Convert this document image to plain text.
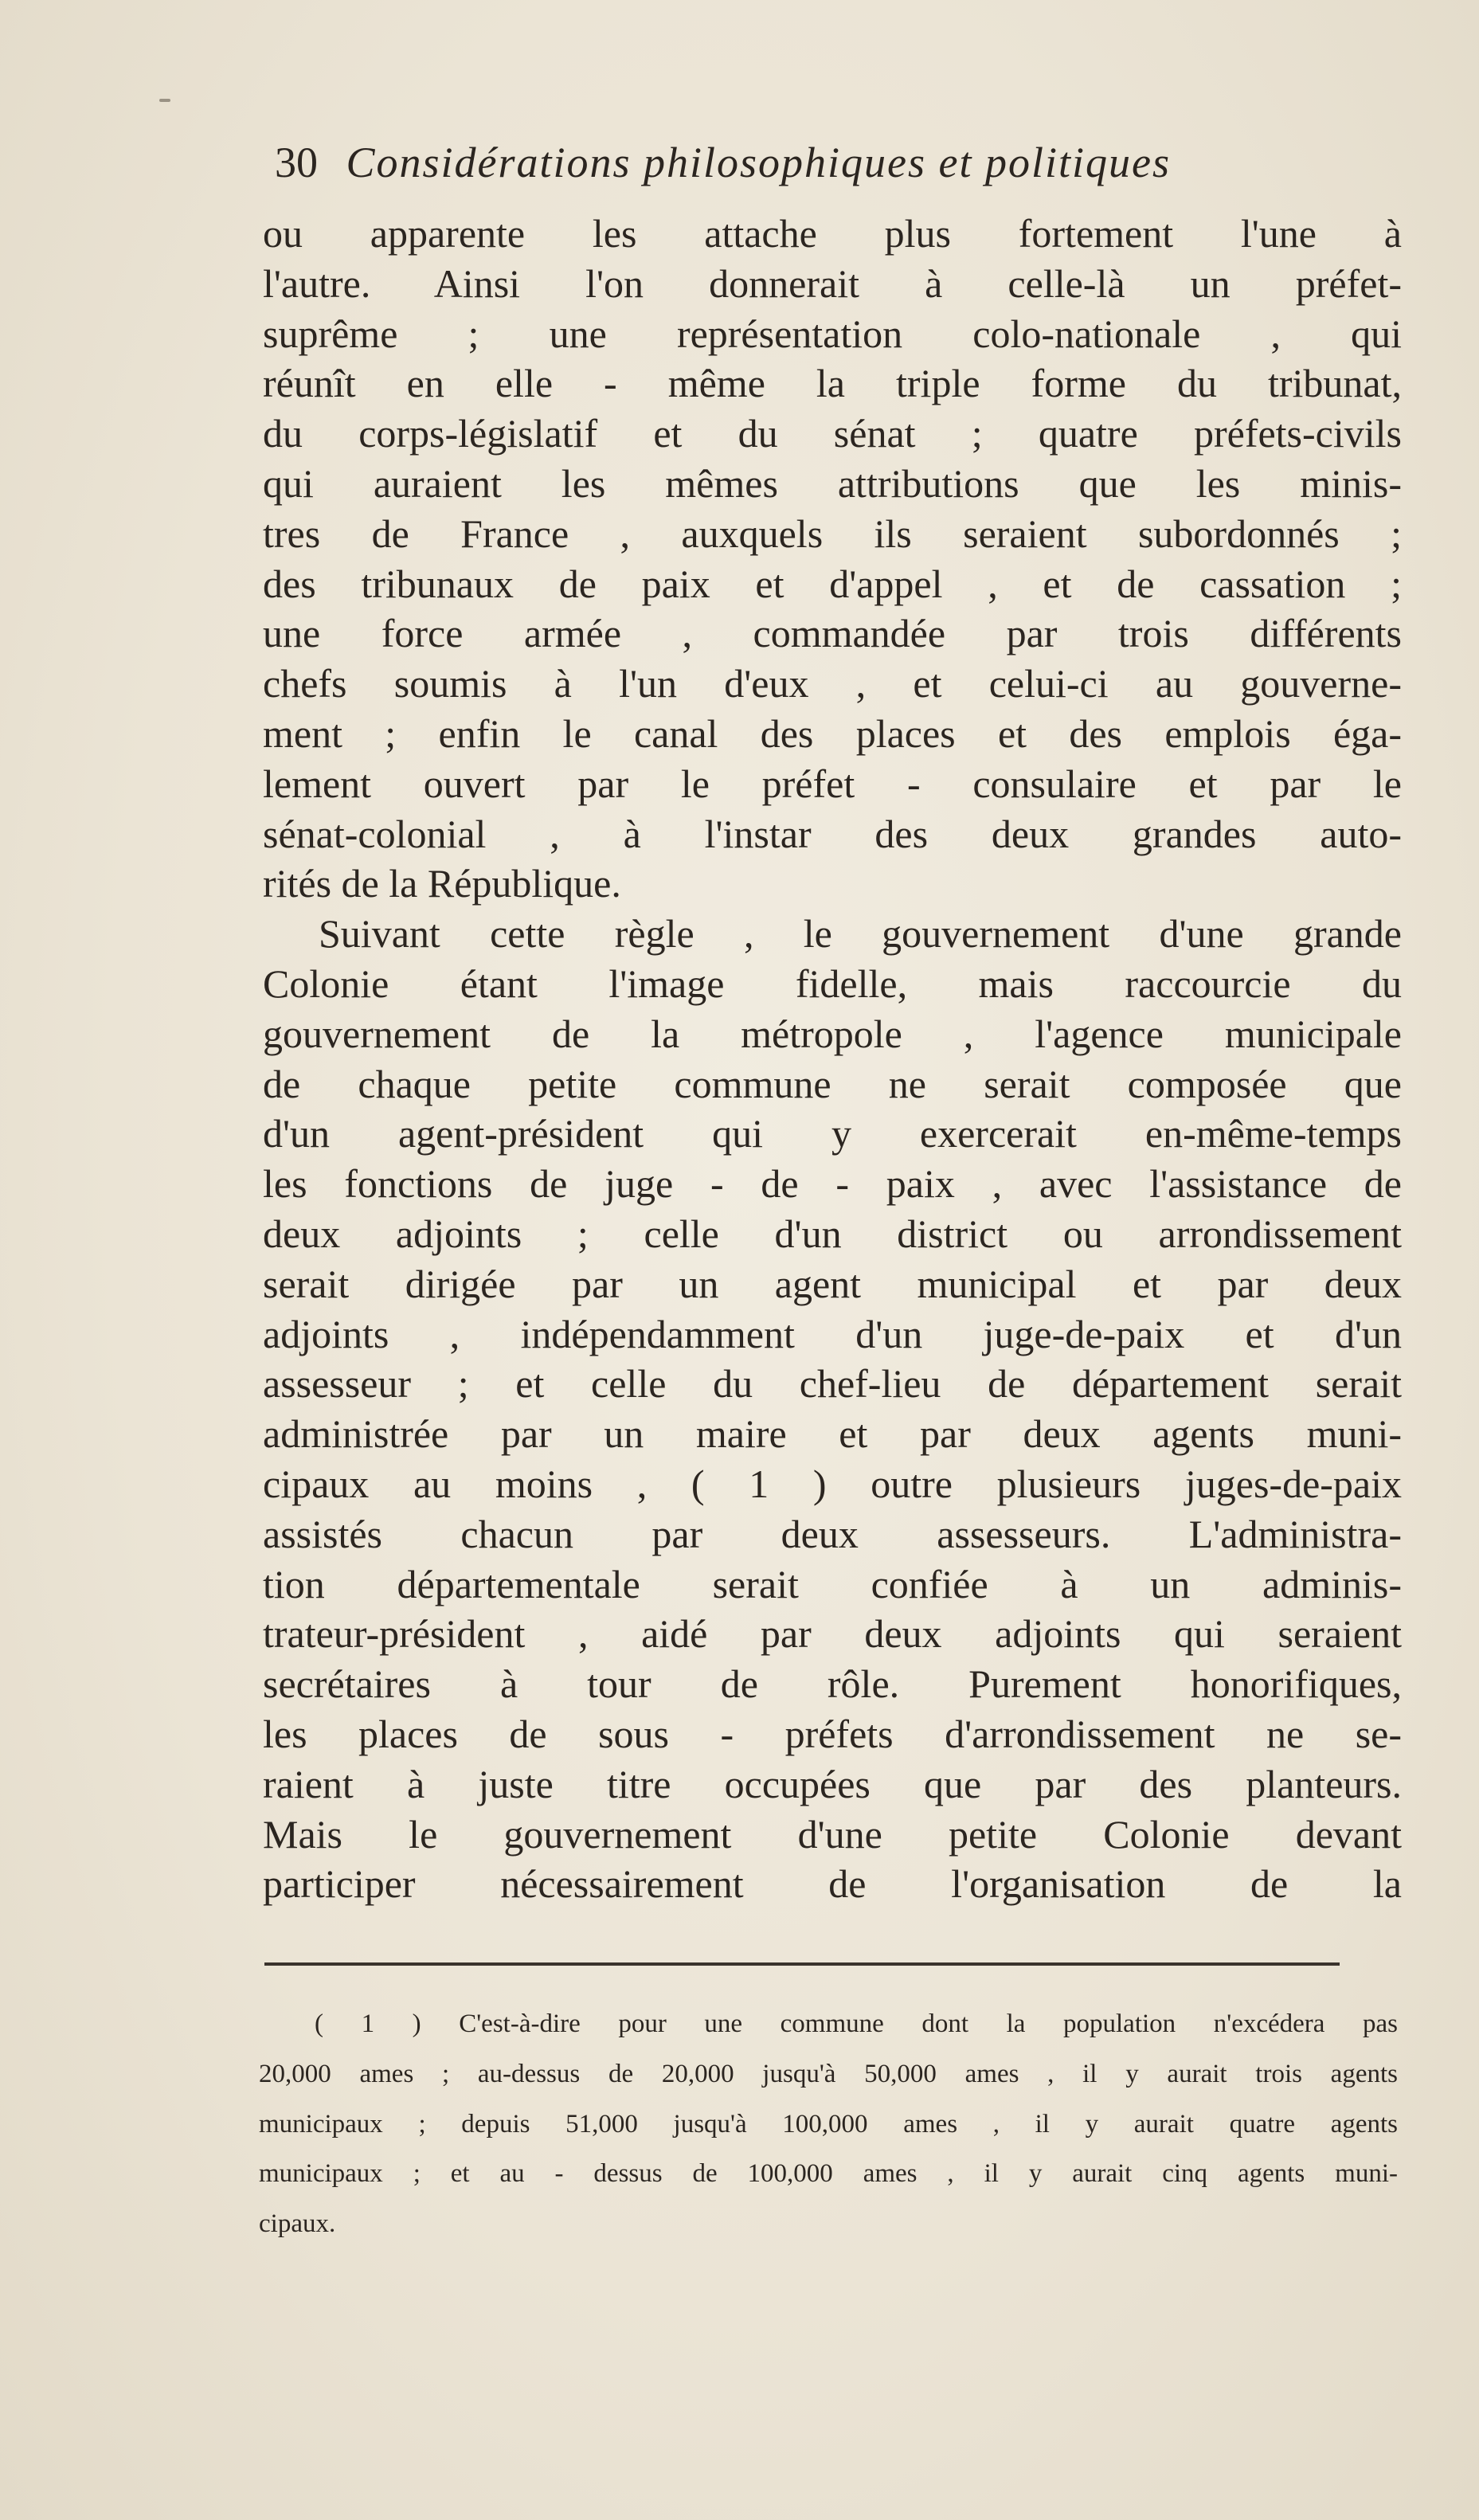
30 Considérations philosophiques et politiques
ou apparente les attache plus fortement l'une à
l'autre. Ainsi l'on donnerait à celle-là un préfet-
suprême ; une représentation colo-nationale , qui
réunît en elle - même la triple forme du tribunat,
du corps-législatif et du sénat ; quatre préfets-civils
qui auraient les mêmes attributions que les minis-
tres de France , auxquels ils seraient subordonnés ;
des tribunaux de paix et d'appel , et de cassation ;
une force armée , commandée par trois différents
chefs soumis à l'un d'eux , et celui-ci au gouverne-
ment ; enfin le canal des places et des emplois éga-
lement ouvert par le préfet - consulaire et par le
sénat-colonial , à l'instar des deux grandes auto-
rités de la République.
Suivant cette règle , le gouvernement d'une grande
Colonie étant l'image fidelle, mais raccourcie du
gouvernement de la métropole , l'agence municipale
de chaque petite commune ne serait composée que
d'un agent-président qui y exercerait en-même-temps
les fonctions de juge - de - paix , avec l'assistance de
deux adjoints ; celle d'un district ou arrondissement
serait dirigée par un agent municipal et par deux
adjoints , indépendamment d'un juge-de-paix et d'un
assesseur ; et celle du chef-lieu de département serait
administrée par un maire et par deux agents muni-
cipaux au moins , ( 1 ) outre plusieurs juges-de-paix
assistés chacun par deux assesseurs. L'administra-
tion départementale serait confiée à un adminis-
trateur-président , aidé par deux adjoints qui seraient
secrétaires à tour de rôle. Purement honorifiques,
les places de sous - préfets d'arrondissement ne se-
raient à juste titre occupées que par des planteurs.
Mais le gouvernement d'une petite Colonie devant
participer nécessairement de l'organisation de la
( 1 ) C'est-à-dire pour une commune dont la population n'excédera pas
20,000 ames ; au-dessus de 20,000 jusqu'à 50,000 ames , il y aurait trois agents
municipaux ; depuis 51,000 jusqu'à 100,000 ames , il y aurait quatre agents
municipaux ; et au - dessus de 100,000 ames , il y aurait cinq agents muni-
cipaux.
